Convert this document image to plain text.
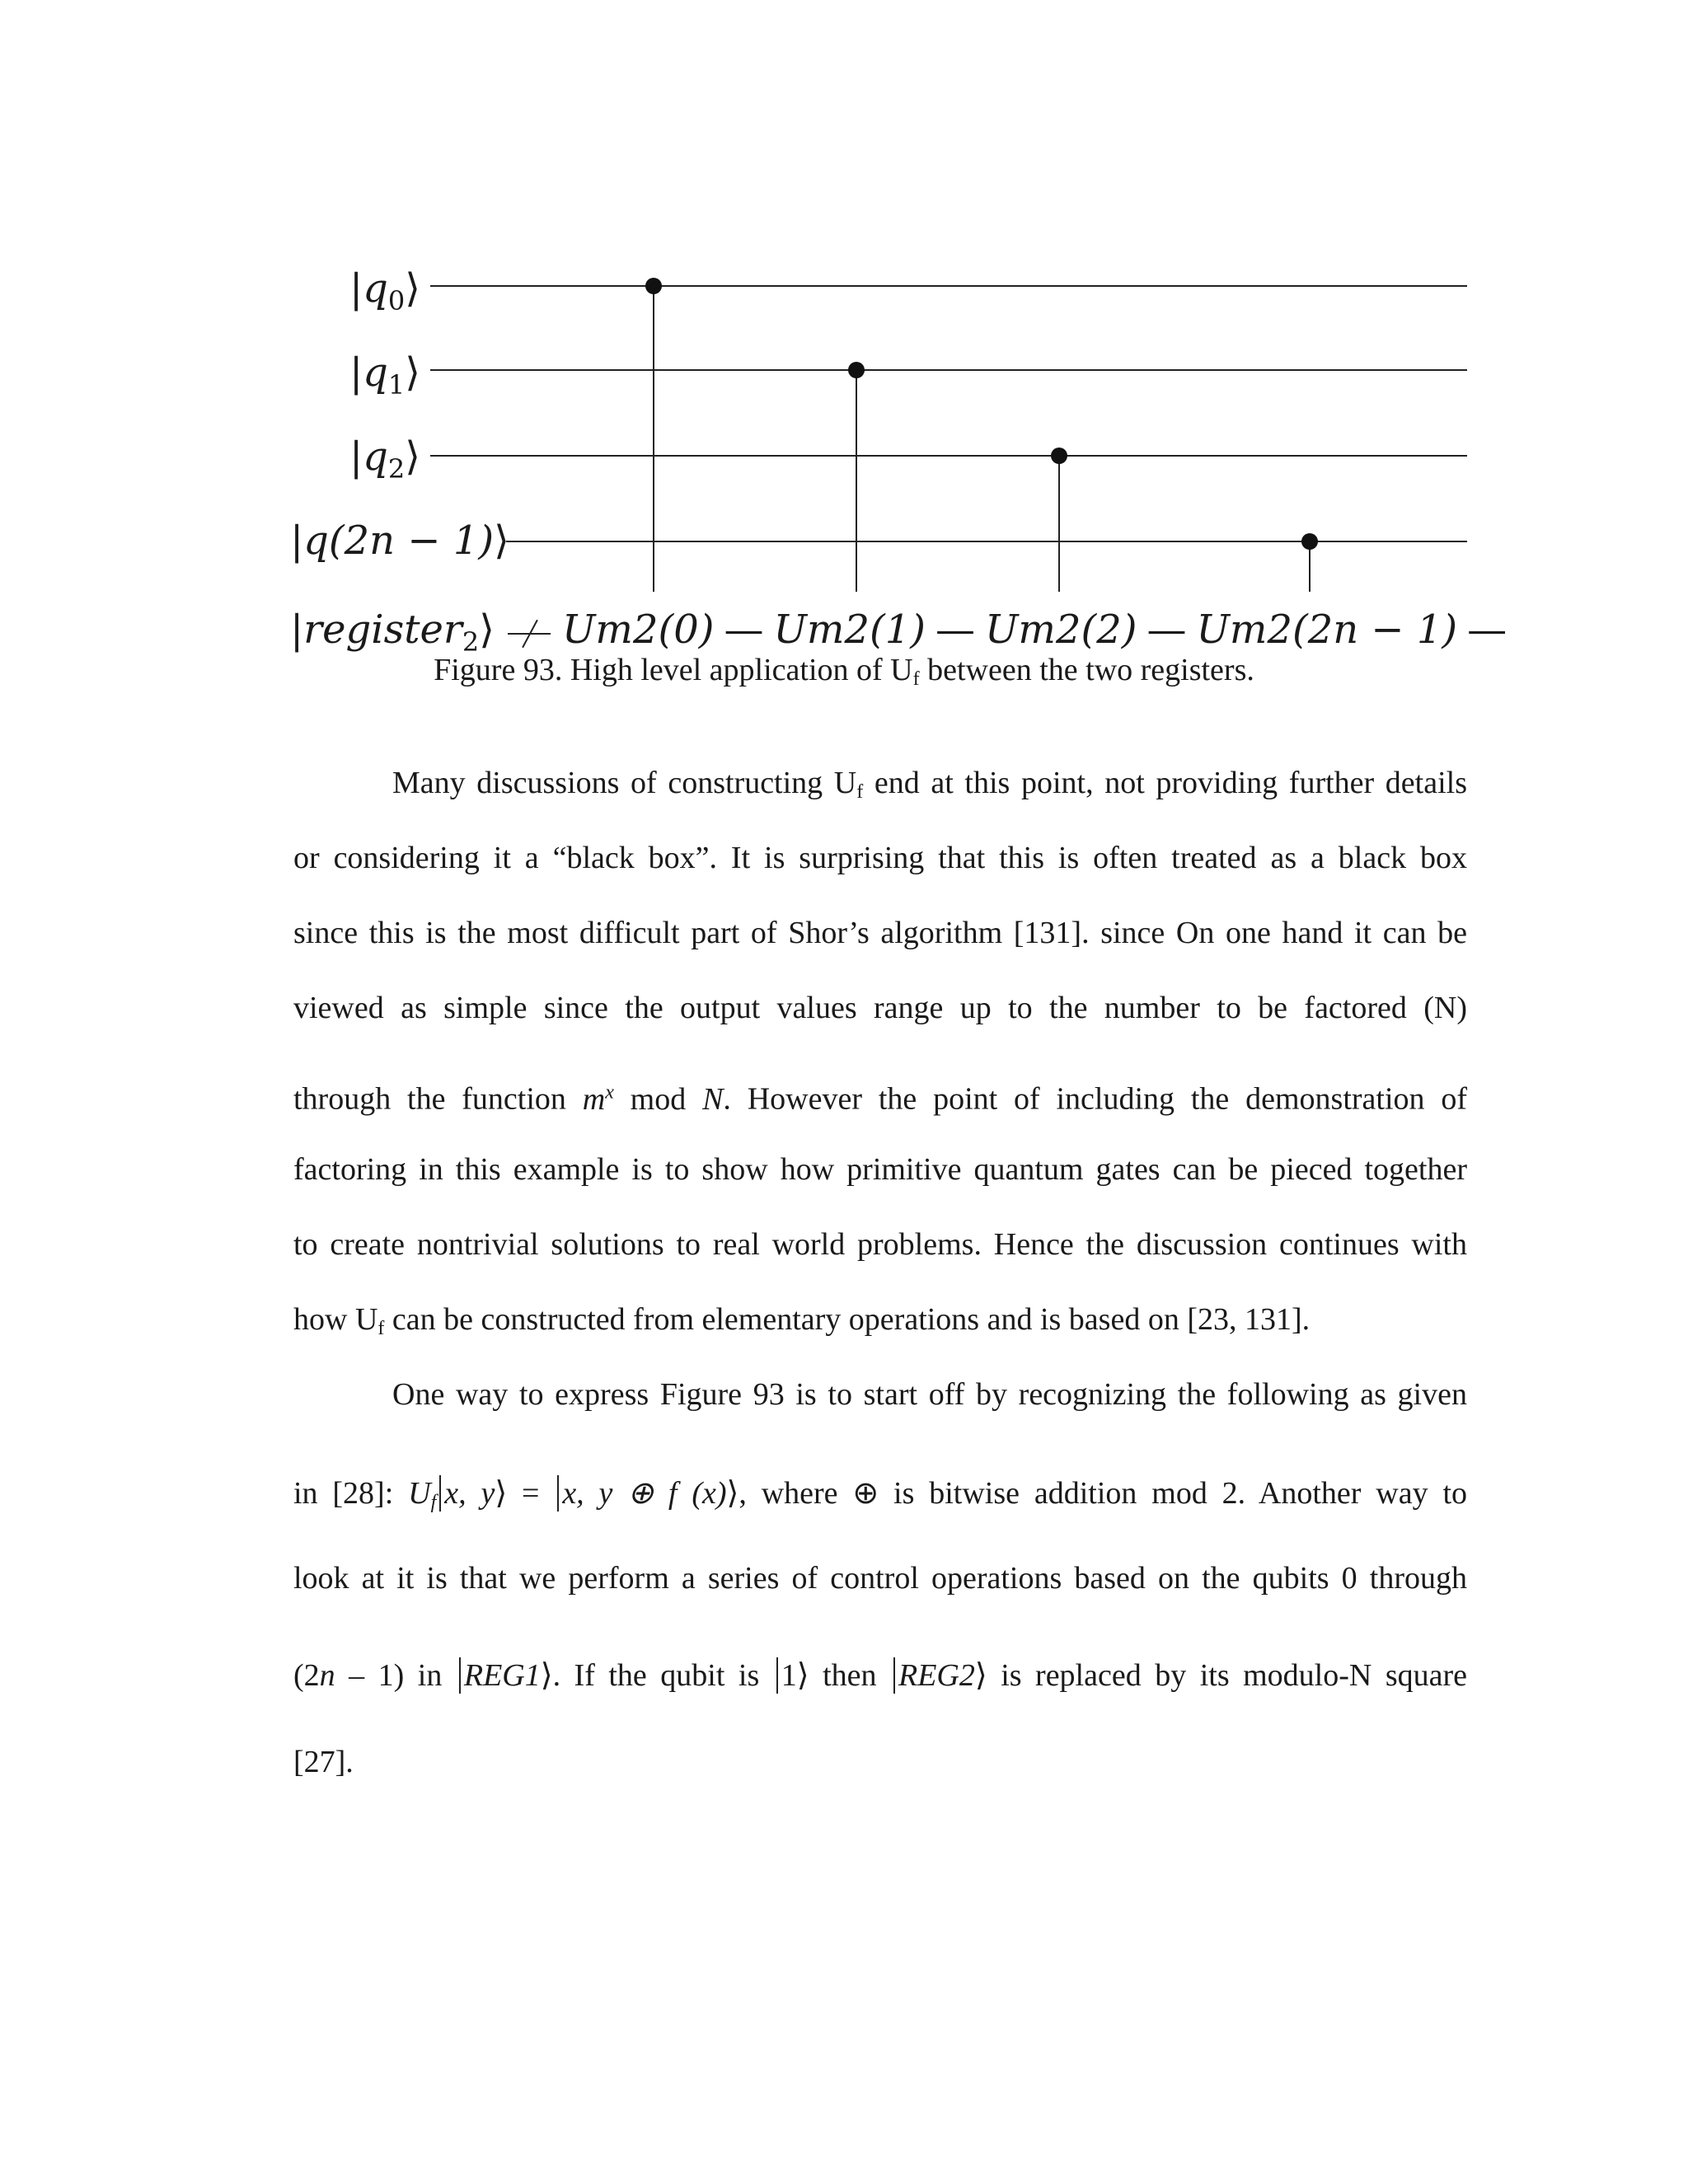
$|q_0⟩$
$|q_1⟩$
$|q_2⟩$
|q(2n − 1)⟩
|register$_2$⟩ Um2(0) — Um2(1) — Um2(2) — Um2(2n − 1) —
Figure 93. High level application of $U_f$ between the two registers.
Many discussions of constructing $U_f$ end at this point, not providing further details
or considering it a “black box”. It is surprising that this is often treated as a black box
since this is the most difficult part of Shor’s algorithm [131]. since On one hand it can be
viewed as simple since the output values range up to the number to be factored (N)
through the function $m^x$ mod N. However the point of including the demonstration of
factoring in this example is to show how primitive quantum gates can be pieced together
to create nontrivial solutions to real world problems. Hence the discussion continues with
how $U_f$ can be constructed from elementary operations and is based on [23, 131].
One way to express Figure 93 is to start off by recognizing the following as given
in [28]: $U_f$ x, y⟩ = x, y ⊕ f (x)⟩, where ⊕ is bitwise addition mod 2. Another way to
look at it is that we perform a series of control operations based on the qubits 0 through
(2n – 1) in REG1⟩. If the qubit is 1⟩ then REG2⟩ is replaced by its modulo-N square
[27].
